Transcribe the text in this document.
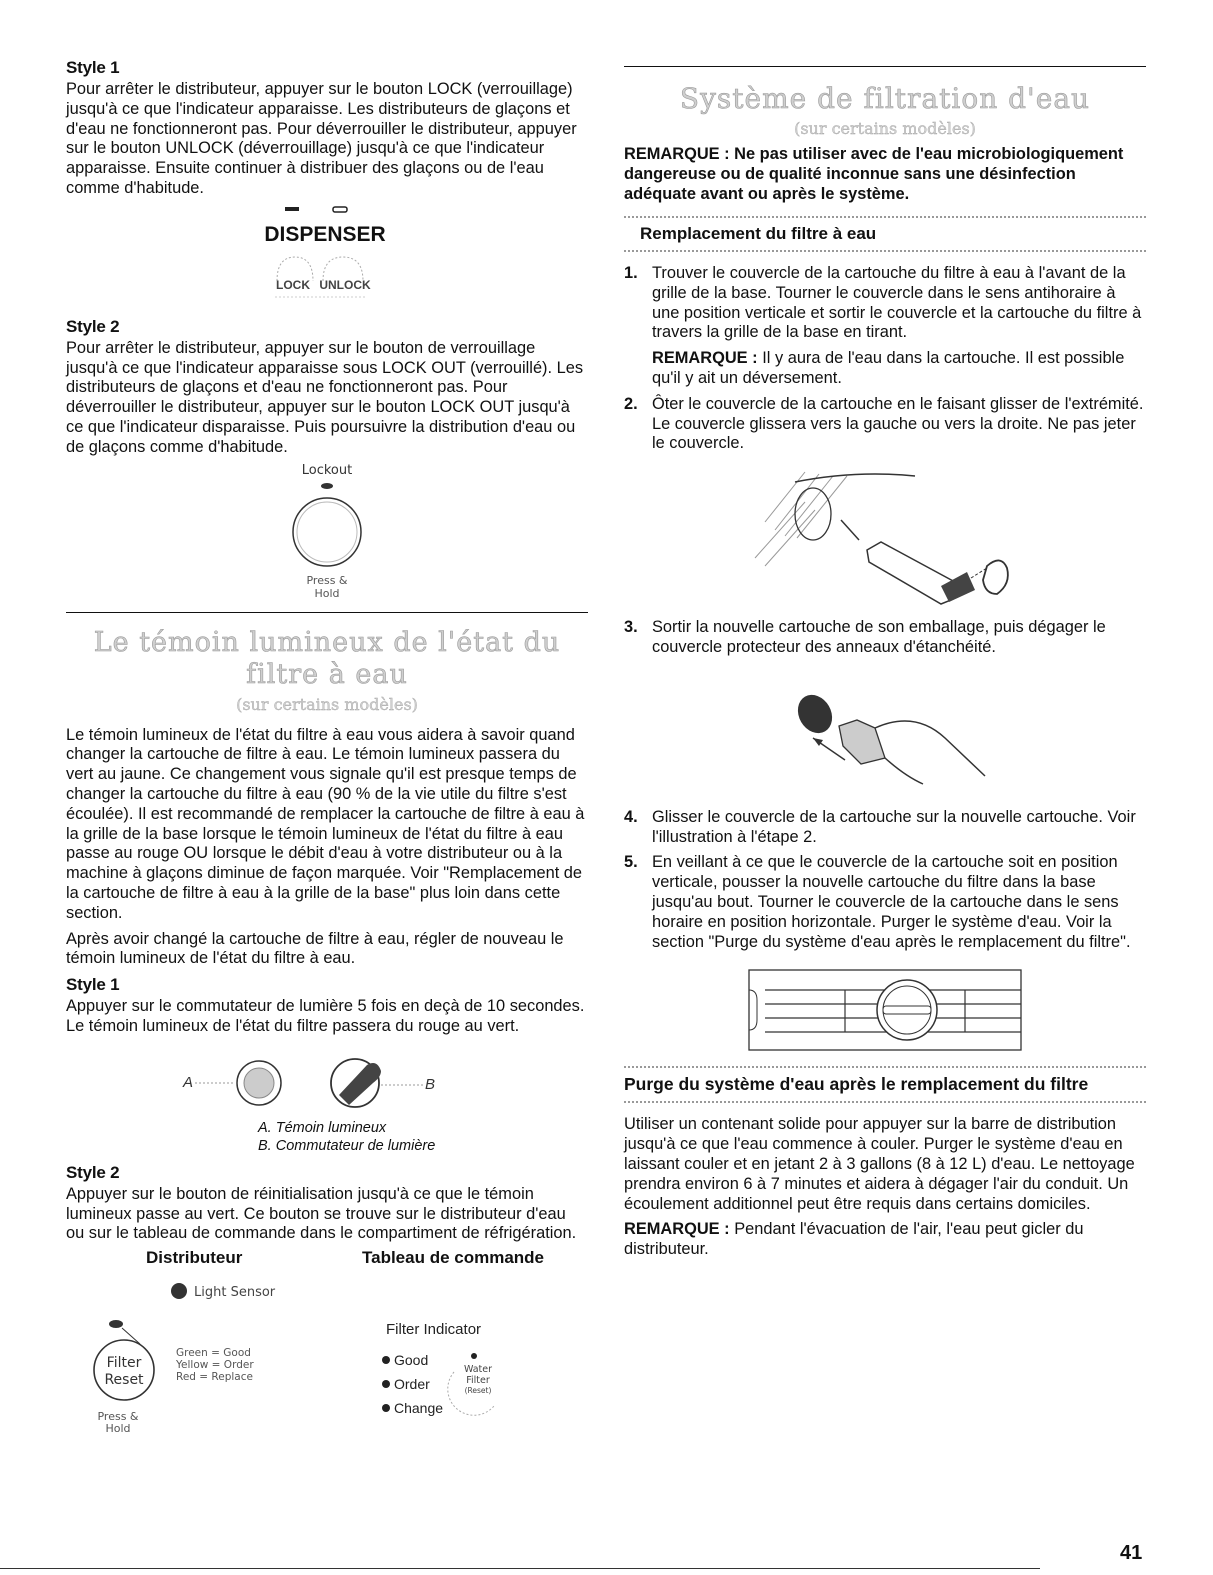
Style 1

Pour arrêter le distributeur, appuyer sur le bouton LOCK (verrouillage) jusqu'à ce que l'indicateur apparaisse. Les distributeurs de glaçons et d'eau ne fonctionneront pas. Pour déverrouiller le distributeur, appuyer sur le bouton UNLOCK (déverrouillage) jusqu'à ce que l'indicateur apparaisse. Ensuite continuer à distribuer des glaçons ou de l'eau comme d'habitude.

DISPENSER
LOCK UNLOCK
Style 2

Pour arrêter le distributeur, appuyer sur le bouton de verrouillage jusqu'à ce que l'indicateur apparaisse sous LOCK OUT (verrouillé). Les distributeurs de glaçons et d'eau ne fonctionneront pas. Pour déverrouiller le distributeur, appuyer sur le bouton LOCK OUT jusqu'à ce que l'indicateur disparaisse. Puis poursuivre la distribution d'eau ou de glaçons comme d'habitude.

Lockout
Press &
Hold
Le témoin lumineux de l'état du filtre à eau
(sur certains modèles)

Le témoin lumineux de l'état du filtre à eau vous aidera à savoir quand changer la cartouche de filtre à eau. Le témoin lumineux passera du vert au jaune. Ce changement vous signale qu'il est presque temps de changer la cartouche du filtre à eau (90 % de la vie utile du filtre s'est écoulée). Il est recommandé de remplacer la cartouche de filtre à eau à la grille de la base lorsque le témoin lumineux de l'état du filtre à eau passe au rouge OU lorsque le débit d'eau à votre distributeur ou à la machine à glaçons diminue de façon marquée. Voir "Remplacement de la cartouche de filtre à eau à la grille de la base" plus loin dans cette section.

Après avoir changé la cartouche de filtre à eau, régler de nouveau le témoin lumineux de l'état du filtre à eau.

Style 1

Appuyer sur le commutateur de lumière 5 fois en deçà de 10 secondes. Le témoin lumineux de l'état du filtre passera du rouge au vert.

A	B
A. Témoin lumineux
B. Commutateur de lumière
Style 2

Appuyer sur le bouton de réinitialisation jusqu'à ce que le témoin lumineux passe au vert. Ce bouton se trouve sur le distributeur d'eau ou sur le tableau de commande dans le compartiment de réfrigération.

Distributeur	Tableau de commande
Light Sensor
Filter
Reset
Green = Good
Yellow = Order
Red = Replace
Press &
Hold
Filter Indicator
Good
Order
Change
Water
Filter
(Reset)
Système de filtration d'eau
(sur certains modèles)

REMARQUE : Ne pas utiliser avec de l'eau microbiologiquement dangereuse ou de qualité inconnue sans une désinfection adéquate avant ou après le système.

Remplacement du filtre à eau
1. Trouver le couvercle de la cartouche du filtre à eau à l'avant de la grille de la base. Tourner le couvercle dans le sens antihoraire à une position verticale et sortir le couvercle et la cartouche du filtre à travers la grille de la base en tirant.
REMARQUE : Il y aura de l'eau dans la cartouche. Il est possible qu'il y ait un déversement.
2. Ôter le couvercle de la cartouche en le faisant glisser de l'extrémité. Le couvercle glissera vers la gauche ou vers la droite. Ne pas jeter le couvercle.
3. Sortir la nouvelle cartouche de son emballage, puis dégager le couvercle protecteur des anneaux d'étanchéité.
4. Glisser le couvercle de la cartouche sur la nouvelle cartouche. Voir l'illustration à l'étape 2.
5. En veillant à ce que le couvercle de la cartouche soit en position verticale, pousser la nouvelle cartouche du filtre dans la base jusqu'au bout. Tourner le couvercle de la cartouche dans le sens horaire en position horizontale. Purger le système d'eau. Voir la section "Purge du système d'eau après le remplacement du filtre".
Purge du système d'eau après le remplacement du filtre

Utiliser un contenant solide pour appuyer sur la barre de distribution jusqu'à ce que l'eau commence à couler. Purger le système d'eau en laissant couler et en jetant 2 à 3 gallons (8 à 12 L) d'eau. Le nettoyage prendra environ 6 à 7 minutes et aidera à dégager l'air du conduit. Un écoulement additionnel peut être requis dans certains domiciles.

REMARQUE : Pendant l'évacuation de l'air, l'eau peut gicler du distributeur.

41
